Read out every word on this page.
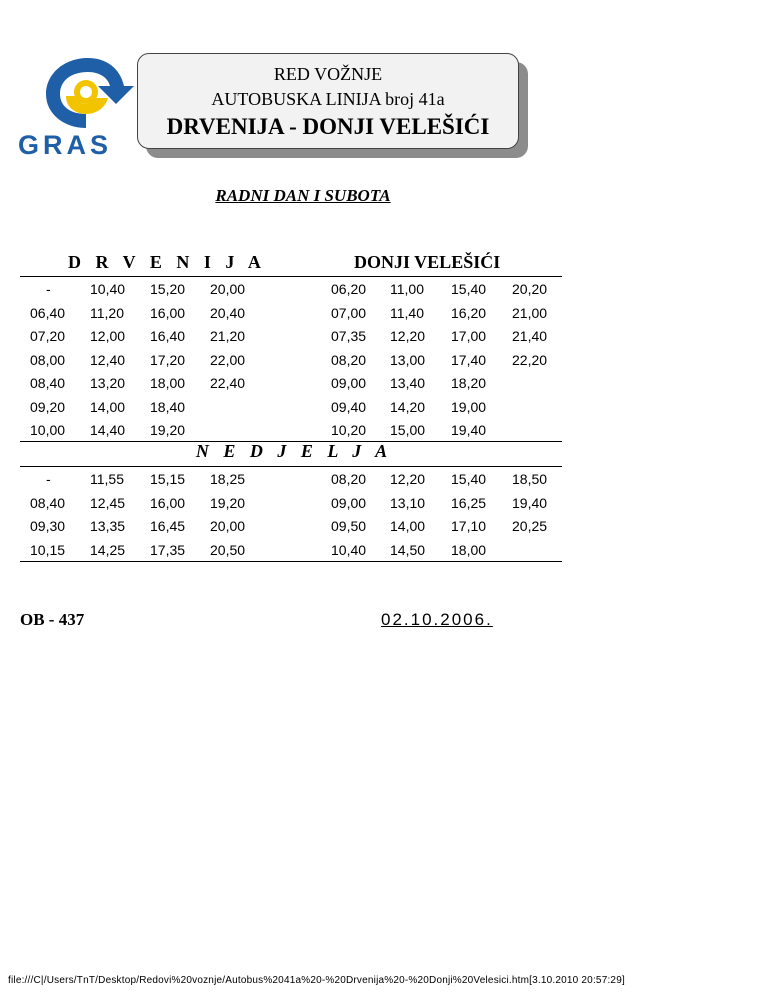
GRAS
RED VOŽNJE
AUTOBUSKA LINIJA broj 41a
DRVENIJA - DONJI VELEŠIĆI
RADNI DAN I SUBOTA
D R V E N I J A	DONJI VELEŠIĆI
-	10,40 15,20 20,00	06,20 11,00 15,40 20,20
06,40 11,20 16,00 20,40	07,00 11,40 16,20 21,00
07,20 12,00 16,40 21,20	07,35 12,20 17,00 21,40
08,00 12,40 17,20 22,00	08,20 13,00 17,40 22,20
08,40 13,20 18,00 22,40	09,00 13,40 18,20
09,20 14,00 18,40	09,40 14,20 19,00
10,00 14,40 19,20	10,20 15,00 19,40
N E D J E L J A
-	11,55 15,15 18,25	08,20 12,20 15,40 18,50
08,40 12,45 16,00 19,20	09,00 13,10 16,25 19,40
09,30 13,35 16,45 20,00	09,50 14,00 17,10 20,25
10,15 14,25 17,35 20,50	10,40 14,50 18,00
OB - 437	02.10.2006.
file:///C|/Users/TnT/Desktop/Redovi%20voznje/Autobus%2041a%20-%20Drvenija%20-%20Donji%20Velesici.htm[3.10.2010 20:57:29]
